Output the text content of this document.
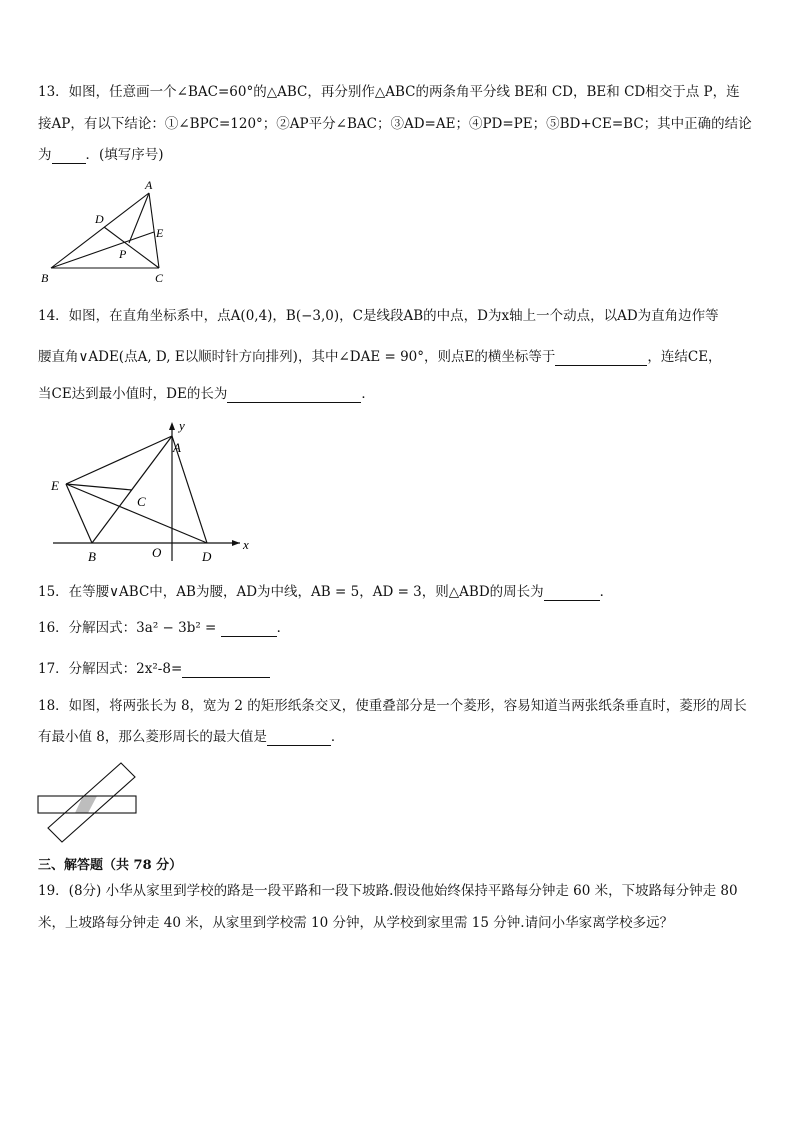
13．如图，任意画一个∠BAC=60°的△ABC，再分别作△ABC的两条角平分线 BE和 CD，BE和 CD相交于点 P，连
接AP，有以下结论：①∠BPC=120°；②AP平分∠BAC；③AD=AE；④PD=PE；⑤BD+CE=BC；其中正确的结论
为	．(填写序号)
A
D
E
P
B	C
14．如图，在直角坐标系中，点A(0,4)，B(−3,0)，C是线段AB的中点，D为x轴上一个动点，以AD为直角边作等
腰直角∨ADE(点A, D, E以顺时针方向排列)，其中∠DAE = 90°，则点E的横坐标等于	，连结CE，
当CE达到最小值时，DE的长为	．
y
A
E
C
B	O	D
x
15．在等腰∨ABC中，AB为腰，AD为中线，AB = 5，AD = 3，则△ABD的周长为	．
16．分解因式：3a² − 3b² =	．
17．分解因式：2x²-8=
18．如图，将两张长为 8，宽为 2 的矩形纸条交叉，使重叠部分是一个菱形，容易知道当两张纸条垂直时，菱形的周长
有最小值 8，那么菱形周长的最大值是	．
三、解答题（共 78 分）
19．(8分) 小华从家里到学校的路是一段平路和一段下坡路.假设他始终保持平路每分钟走 60 米，下坡路每分钟走 80
米，上坡路每分钟走 40 米，从家里到学校需 10 分钟，从学校到家里需 15 分钟.请问小华家离学校多远？
